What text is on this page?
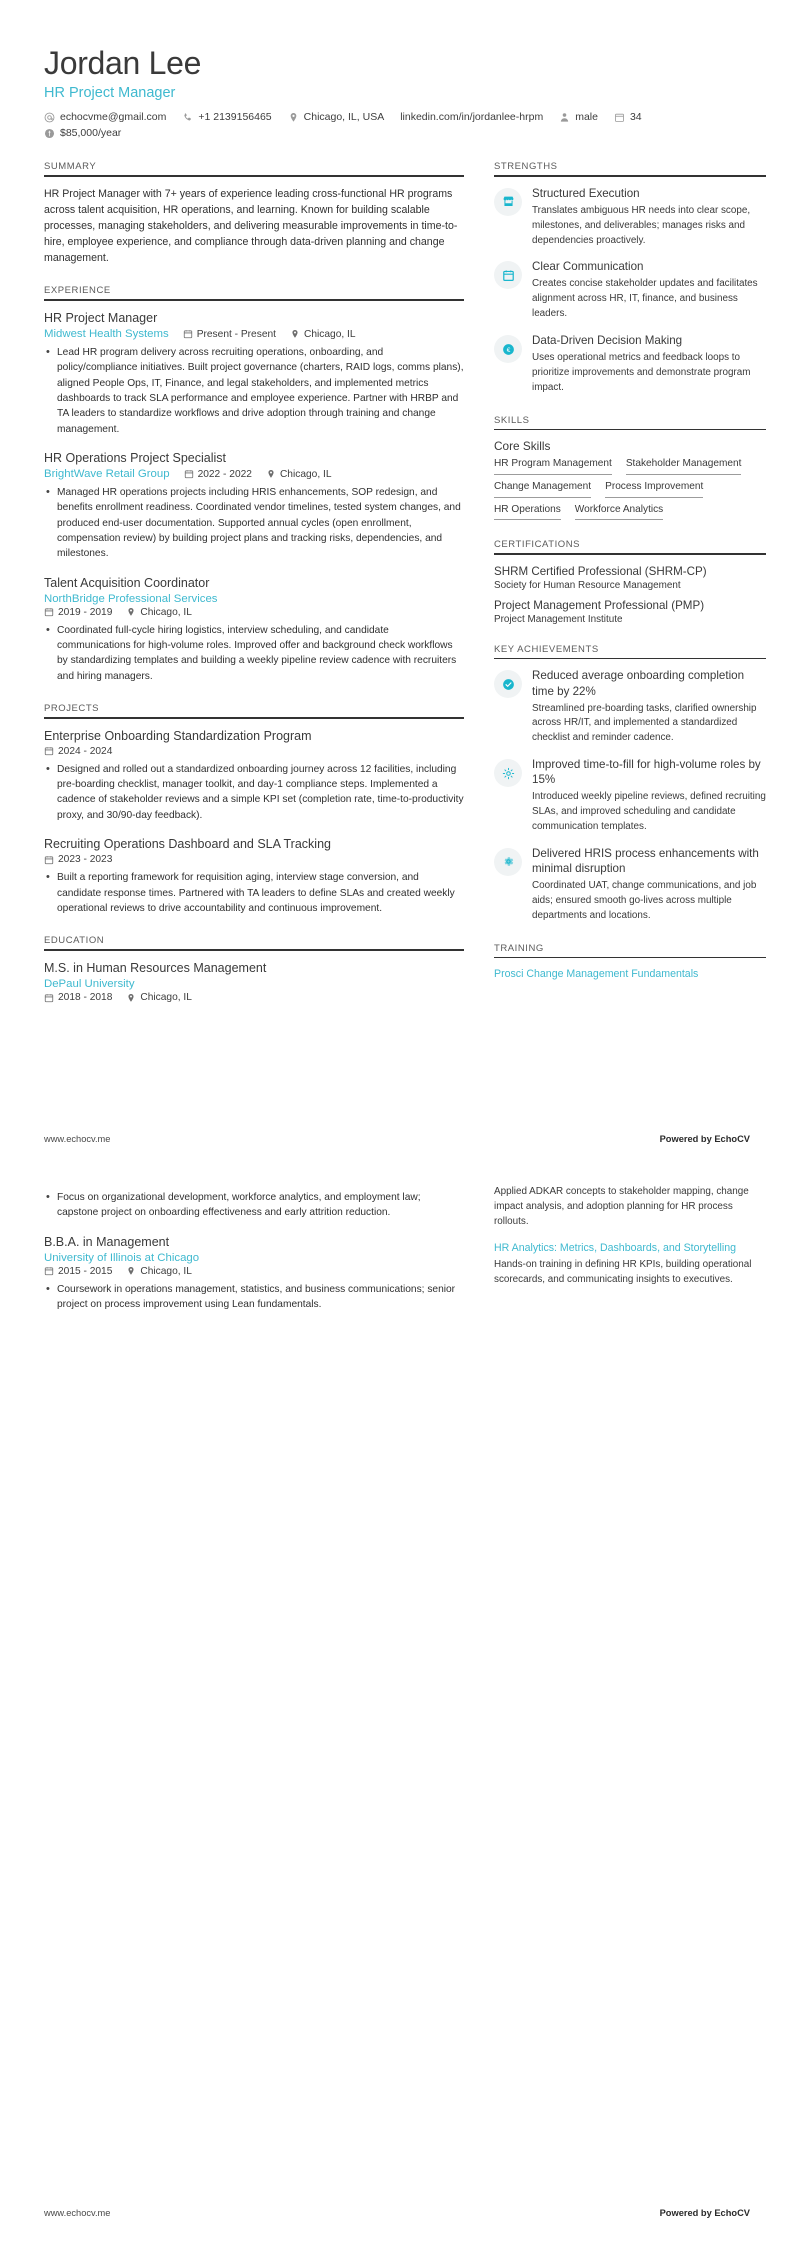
Jordan Lee
HR Project Manager
echocvme@gmail.com	+1 2139156465	Chicago, IL, USA linkedin.com/in/jordanlee-hrpm	male	34
$85,000/year
SUMMARY
HR Project Manager with 7+ years of experience leading cross-functional HR programs across talent acquisition, HR operations, and learning. Known for building scalable processes, managing stakeholders, and delivering measurable improvements in time-to-hire, employee experience, and compliance through data-driven planning and change management.
EXPERIENCE
HR Project Manager
Midwest Health Systems	Present - Present	Chicago, IL
• Lead HR program delivery across recruiting operations, onboarding, and policy/compliance initiatives. Built project governance (charters, RAID logs, comms plans), aligned People Ops, IT, Finance, and legal stakeholders, and implemented metrics dashboards to track SLA performance and employee experience. Partner with HRBP and TA leaders to standardize workflows and drive adoption through training and change management.
HR Operations Project Specialist
BrightWave Retail Group	2022 - 2022	Chicago, IL
• Managed HR operations projects including HRIS enhancements, SOP redesign, and benefits enrollment readiness. Coordinated vendor timelines, tested system changes, and produced end-user documentation. Supported annual cycles (open enrollment, compensation review) by building project plans and tracking risks, dependencies, and milestones.
Talent Acquisition Coordinator
NorthBridge Professional Services
2019 - 2019	Chicago, IL
• Coordinated full-cycle hiring logistics, interview scheduling, and candidate communications for high-volume roles. Improved offer and background check workflows by standardizing templates and building a weekly pipeline review cadence with recruiters and hiring managers.
PROJECTS
Enterprise Onboarding Standardization Program
2024 - 2024
• Designed and rolled out a standardized onboarding journey across 12 facilities, including pre-boarding checklist, manager toolkit, and day-1 compliance steps. Implemented a cadence of stakeholder reviews and a simple KPI set (completion rate, time-to-productivity proxy, and 30/90-day feedback).
Recruiting Operations Dashboard and SLA Tracking
2023 - 2023
• Built a reporting framework for requisition aging, interview stage conversion, and candidate response times. Partnered with TA leaders to define SLAs and created weekly operational reviews to drive accountability and continuous improvement.
EDUCATION
M.S. in Human Resources Management
DePaul University
2018 - 2018	Chicago, IL
STRENGTHS
Structured Execution
Translates ambiguous HR needs into clear scope, milestones, and deliverables; manages risks and dependencies proactively.
Clear Communication
Creates concise stakeholder updates and facilitates alignment across HR, IT, finance, and business leaders.
€
Data-Driven Decision Making
Uses operational metrics and feedback loops to prioritize improvements and demonstrate program impact.
SKILLS
Core Skills
HR Program Management Stakeholder Management
Change Management Process Improvement
HR Operations Workforce Analytics
CERTIFICATIONS
SHRM Certified Professional (SHRM-CP)
Society for Human Resource Management
Project Management Professional (PMP)
Project Management Institute
KEY ACHIEVEMENTS
Reduced average onboarding completion time by 22%
Streamlined pre-boarding tasks, clarified ownership across HR/IT, and implemented a standardized checklist and reminder cadence.
Improved time-to-fill for high-volume roles by 15%
Introduced weekly pipeline reviews, defined recruiting SLAs, and improved scheduling and candidate communication templates.
Delivered HRIS process enhancements with minimal disruption
Coordinated UAT, change communications, and job aids; ensured smooth go-lives across multiple departments and locations.
TRAINING
Prosci Change Management Fundamentals
www.echocv.me	Powered by EchoCV
• Focus on organizational development, workforce analytics, and employment law; capstone project on onboarding effectiveness and early attrition reduction.
B.B.A. in Management
University of Illinois at Chicago
2015 - 2015	Chicago, IL
• Coursework in operations management, statistics, and business communications; senior project on process improvement using Lean fundamentals.
Applied ADKAR concepts to stakeholder mapping, change impact analysis, and adoption planning for HR process rollouts.
HR Analytics: Metrics, Dashboards, and Storytelling
Hands-on training in defining HR KPIs, building operational scorecards, and communicating insights to executives.
www.echocv.me	Powered by EchoCV
